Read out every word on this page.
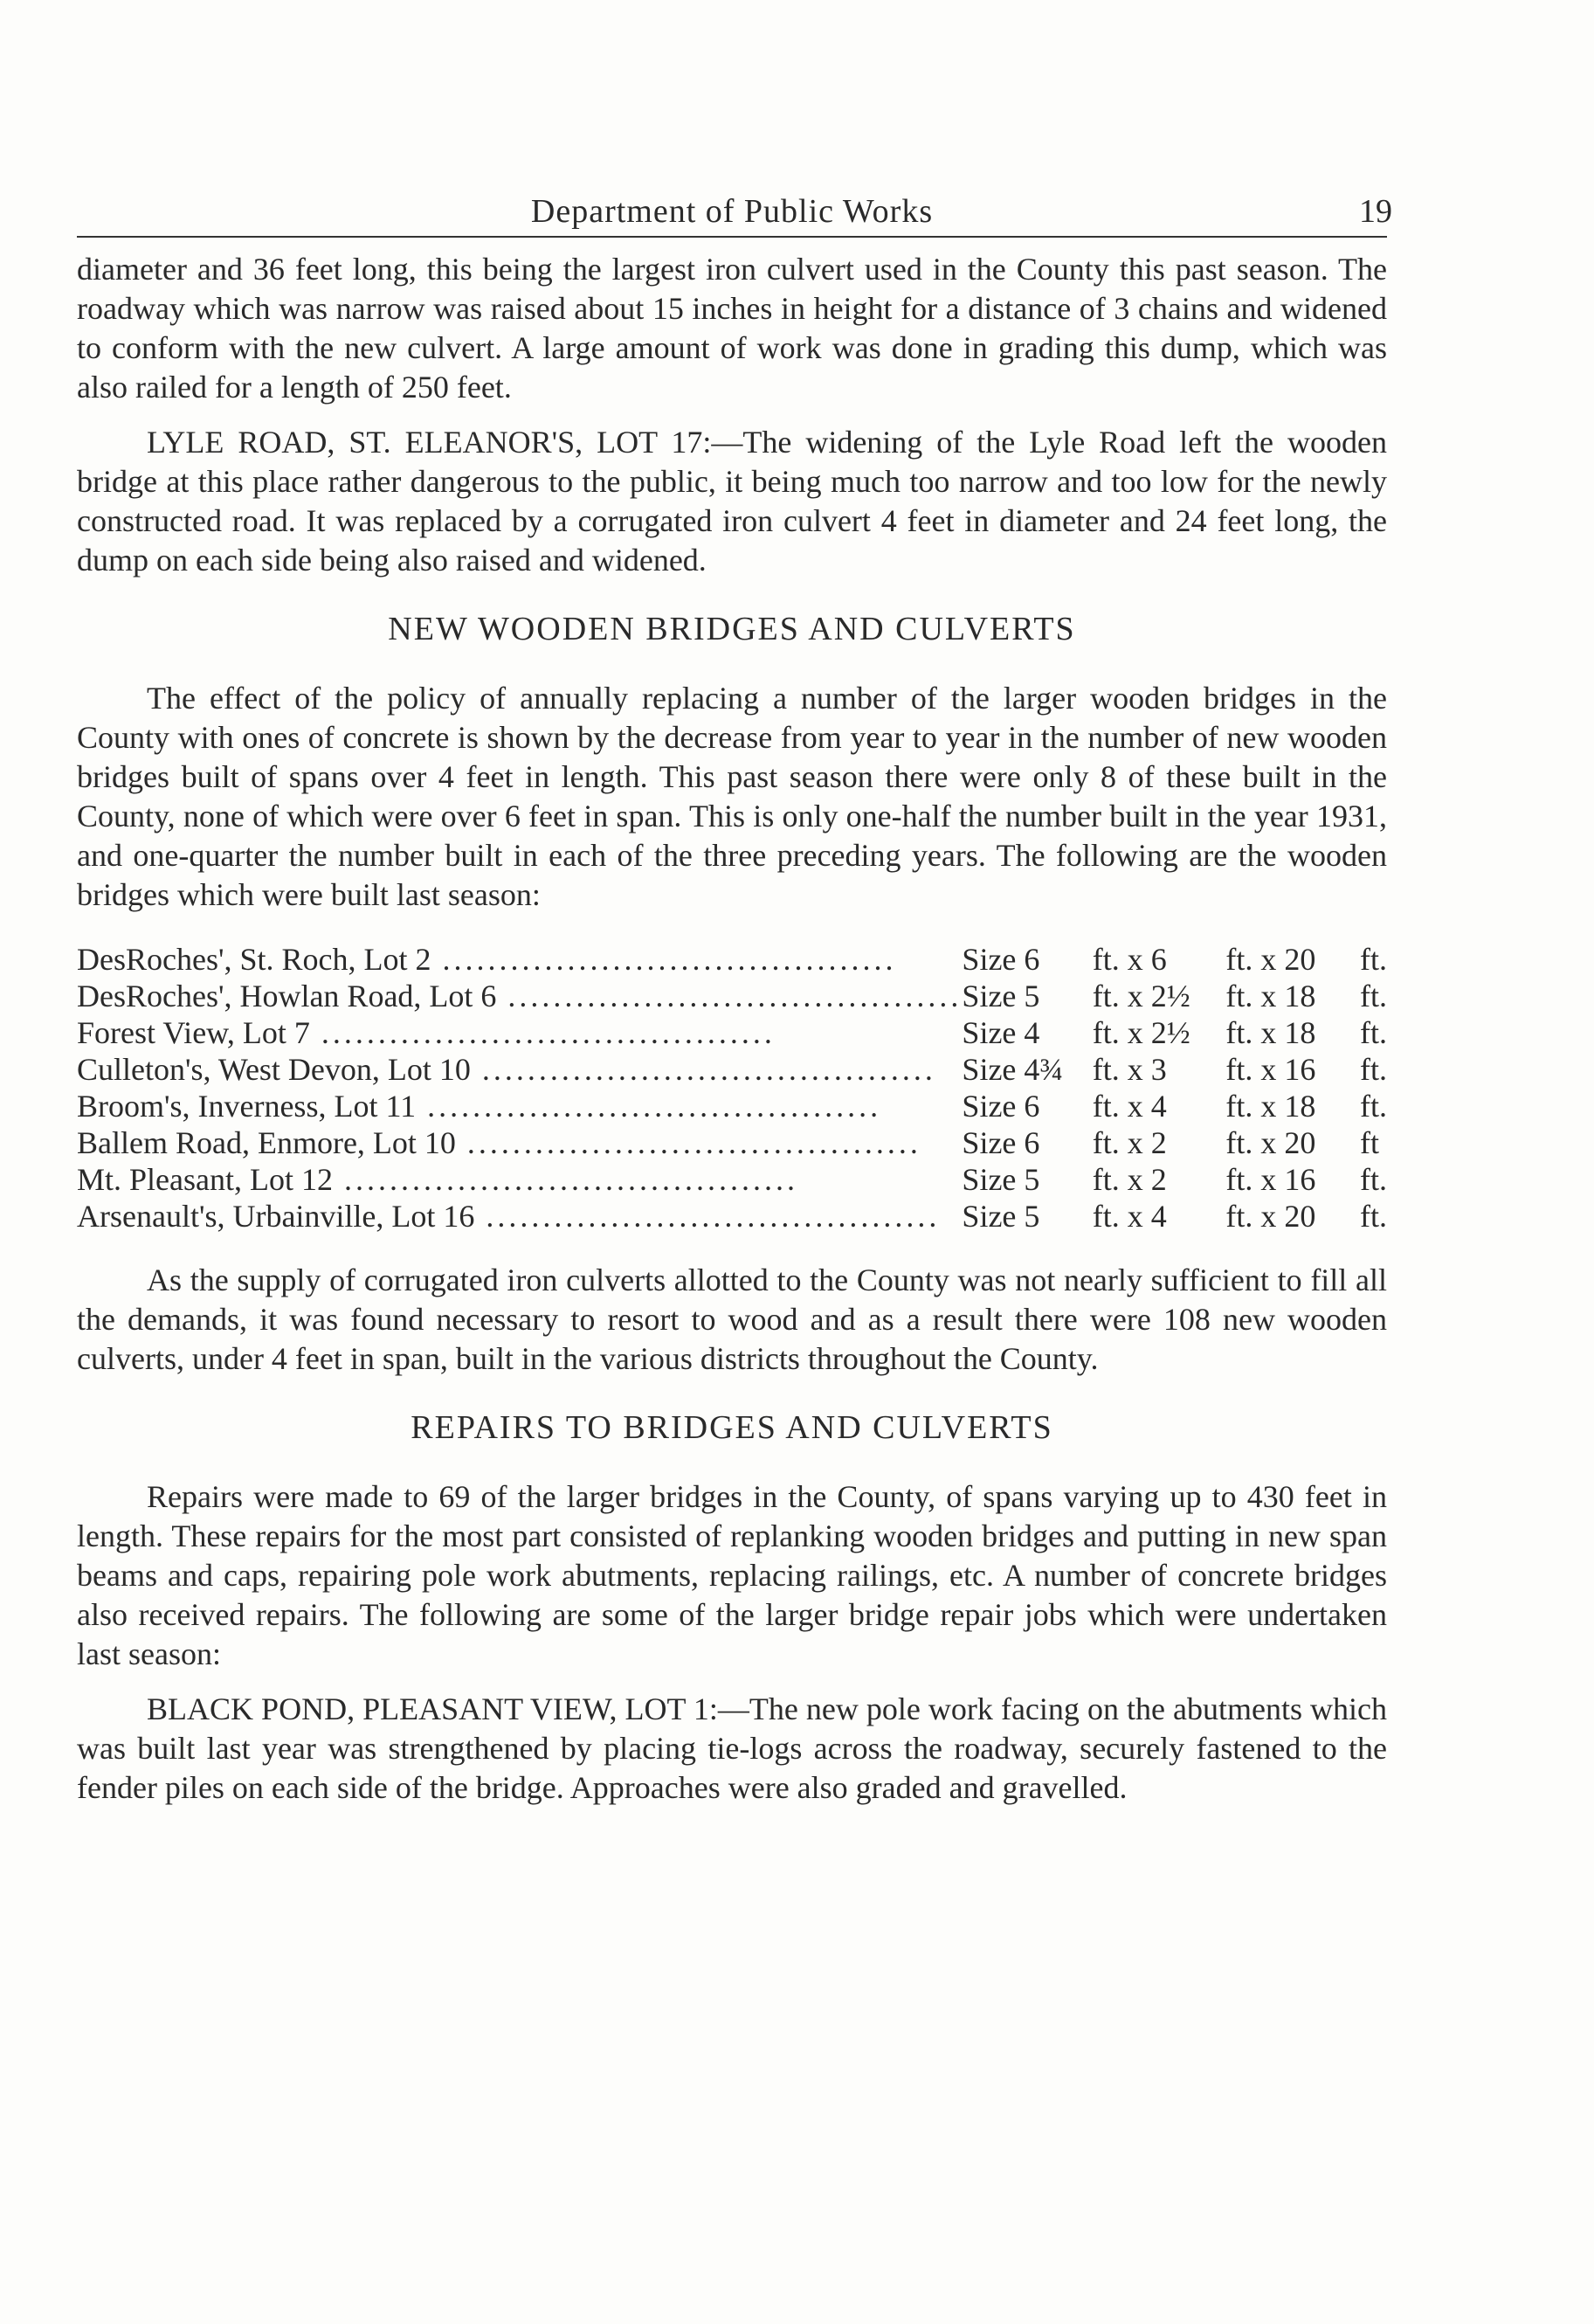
Department of Public Works	19

diameter and 36 feet long, this being the largest iron culvert used in the County this past season. The roadway which was narrow was raised about 15 inches in height for a distance of 3 chains and widened to conform with the new culvert. A large amount of work was done in grading this dump, which was also railed for a length of 250 feet.

LYLE ROAD, ST. ELEANOR'S, LOT 17:—The widening of the Lyle Road left the wooden bridge at this place rather dangerous to the public, it being much too narrow and too low for the newly constructed road. It was replaced by a corrugated iron culvert 4 feet in diameter and 24 feet long, the dump on each side being also raised and widened.

NEW WOODEN BRIDGES AND CULVERTS

The effect of the policy of annually replacing a number of the larger wooden bridges in the County with ones of concrete is shown by the decrease from year to year in the number of new wooden bridges built of spans over 4 feet in length. This past season there were only 8 of these built in the County, none of which were over 6 feet in span. This is only one-half the number built in the year 1931, and one-quarter the number built in each of the three preceding years. The following are the wooden bridges which were built last season:

DesRoches', St. Roch, Lot 2 ........................................	Size 6	ft. x 6	ft. x 20	ft.
DesRoches', Howlan Road, Lot 6 ........................................	Size 5	ft. x 2½	ft. x 18	ft.
Forest View, Lot 7 ........................................	Size 4	ft. x 2½	ft. x 18	ft.
Culleton's, West Devon, Lot 10 ........................................	Size 4¾	ft. x 3	ft. x 16	ft.
Broom's, Inverness, Lot 11 ........................................	Size 6	ft. x 4	ft. x 18	ft.
Ballem Road, Enmore, Lot 10 ........................................	Size 6	ft. x 2	ft. x 20	ft
Mt. Pleasant, Lot 12 ........................................	Size 5	ft. x 2	ft. x 16	ft.
Arsenault's, Urbainville, Lot 16 ........................................	Size 5	ft. x 4	ft. x 20	ft.

As the supply of corrugated iron culverts allotted to the County was not nearly sufficient to fill all the demands, it was found necessary to resort to wood and as a result there were 108 new wooden culverts, under 4 feet in span, built in the various districts throughout the County.

REPAIRS TO BRIDGES AND CULVERTS

Repairs were made to 69 of the larger bridges in the County, of spans varying up to 430 feet in length. These repairs for the most part consisted of replanking wooden bridges and putting in new span beams and caps, repairing pole work abutments, replacing railings, etc. A number of concrete bridges also received repairs. The following are some of the larger bridge repair jobs which were undertaken last season:

BLACK POND, PLEASANT VIEW, LOT 1:—The new pole work facing on the abutments which was built last year was strengthened by placing tie-logs across the roadway, securely fastened to the fender piles on each side of the bridge. Approaches were also graded and gravelled.
